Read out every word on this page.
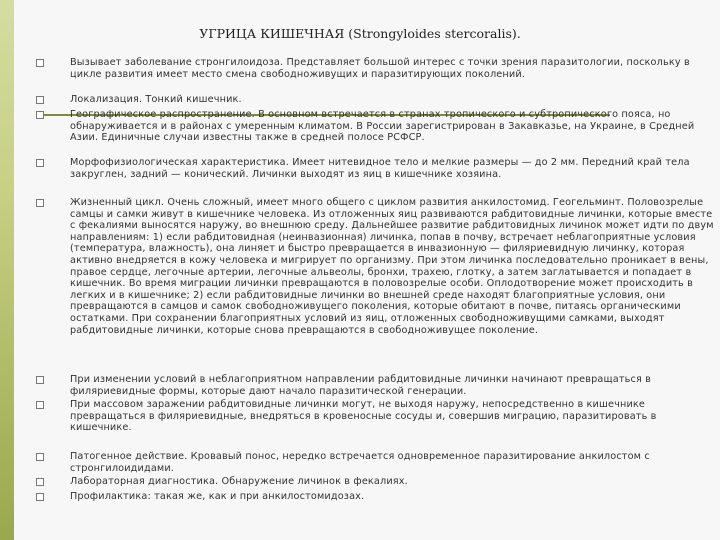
УГРИЦА КИШЕЧНАЯ (Strongyloides stercoralis).
Вызывает заболевание стронгилоидоза. Представляет большой интерес с точки зрения паразитологии, поскольку в цикле развития имеет место смена свободноживущих и паразитирующих поколений.
Локализация. Тонкий кишечник.
Географическое распространение. В основном встречается в странах тропического и субтропического пояса, но обнаруживается и в районах с умеренным климатом. В России зарегистрирован в Закавказье, на Украине, в Средней Азии. Единичные случаи известны также в средней полосе РСФСР.
Морфофизиологическая характеристика. Имеет нитевидное тело и мелкие размеры — до 2 мм. Передний край тела закруглен, задний — конический. Личинки выходят из яиц в кишечнике хозяина.
Жизненный цикл. Очень сложный, имеет много общего с циклом развития анкилостомид. Геогельминт. Половозрелые самцы и самки живут в кишечнике человека. Из отложенных яиц развиваются рабдитовидные личинки, которые вместе с фекалиями выносятся наружу, во внешнюю среду. Дальнейшее развитие рабдитовидных личинок может идти по двум направлениям: 1) если рабдитовидная (неинвазионная) личинка, попав в почву, встречает неблагоприятные условия (температура, влажность), она линяет и быстро превращается в инвазионную — филяриевидную личинку, которая активно внедряется в кожу человека и мигрирует по организму. При этом личинка последовательно проникает в вены, правое сердце, легочные артерии, легочные альвеолы, бронхи, трахею, глотку, а затем заглатывается и попадает в кишечник. Во время миграции личинки превращаются в половозрелые особи. Оплодотворение может происходить в легких и в кишечнике; 2) если рабдитовидные личинки во внешней среде находят благоприятные условия, они превращаются в самцов и самок свободноживущего поколения, которые обитают в почве, питаясь органическими остатками. При сохранении благоприятных условий из яиц, отложенных свободноживущими самками, выходят рабдитовидные личинки, которые снова превращаются в свободноживущее поколение.
При изменении условий в неблагоприятном направлении рабдитовидные личинки начинают превращаться в филяриевидные формы, которые дают начало паразитической генерации.
При массовом заражении рабдитовидные личинки могут, не выходя наружу, непосредственно в кишечнике превращаться в филяриевидные, внедряться в кровеносные сосуды и, совершив миграцию, паразитировать в кишечнике.
Патогенное действие. Кровавый понос, нередко встречается одновременное паразитирование анкилостом с стронгилоидидами.
Лабораторная диагностика. Обнаружение личинок в фекалиях.
Профилактика: такая же, как и при анкилостомидозах.
